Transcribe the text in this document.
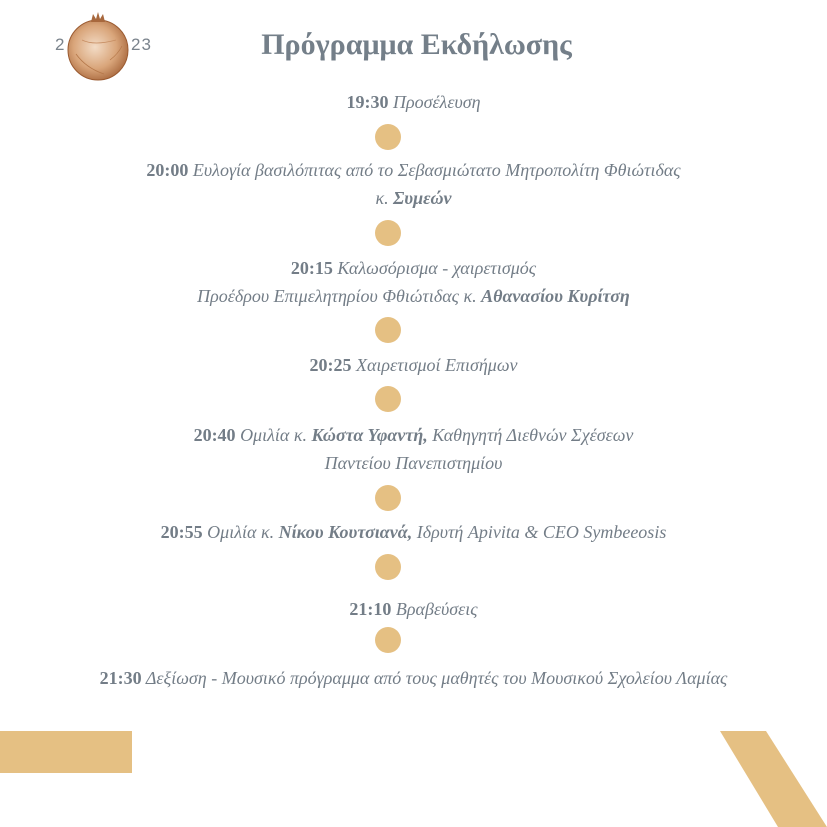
2	23	Πρόγραμμα Εκδήλωσης
19:30 Προσέλευση
20:00 Ευλογία βασιλόπιτας από το Σεβασμιώτατο Μητροπολίτη Φθιώτιδας
κ. Συμεών
20:15 Καλωσόρισμα - χαιρετισμός
Προέδρου Επιμελητηρίου Φθιώτιδας κ. Αθανασίου Κυρίτση
20:25 Χαιρετισμοί Επισήμων
20:40 Ομιλία κ. Κώστα Υφαντή, Καθηγητή Διεθνών Σχέσεων
Παντείου Πανεπιστημίου
20:55 Ομιλία κ. Νίκου Κουτσιανά, Ιδρυτή Apivita & CEO Symbeeosis
21:10 Βραβεύσεις
21:30 Δεξίωση - Μουσικό πρόγραμμα από τους μαθητές του Μουσικού Σχολείου Λαμίας
